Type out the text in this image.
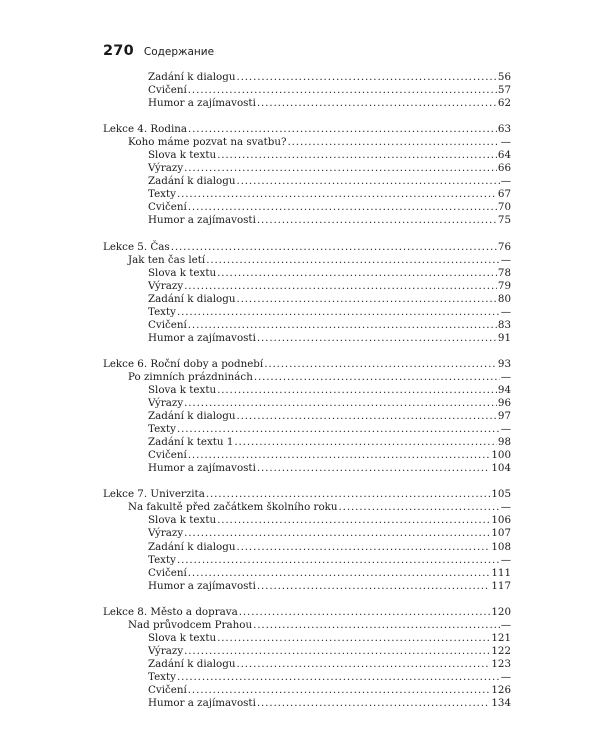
270 Содержание
Zadání k dialogu . . .	56
Cvičení . . .	57
Humor a zajímavosti . . .	62
Lekce 4. Rodina . . .	63
Koho máme pozvat na svatbu? . . .	—
Slova k textu . . .	64
Výrazy . . .	66
Zadání k dialogu . . .	—
Texty . . .	67
Cvičení . . .	70
Humor a zajímavosti . . .	75
Lekce 5. Čas . . .	76
Jak ten čas letí . . .	—
Slova k textu . . .	78
Výrazy . . .	79
Zadání k dialogu . . .	80
Texty . . .	—
Cvičení . . .	83
Humor a zajímavosti . . .	91
Lekce 6. Roční doby a podnebí . . .	93
Po zimních prázdninách . . .	—
Slova k textu . . .	94
Výrazy . . .	96
Zadání k dialogu . . .	97
Texty . . .	—
Zadání k textu 1 . . .	98
Cvičení . . .	100
Humor a zajímavosti . . .	104
Lekce 7. Univerzita . . .	105
Na fakultě před začátkem školního roku . . .	—
Slova k textu . . .	106
Výrazy . . .	107
Zadání k dialogu . . .	108
Texty . . .	—
Cvičení . . .	111
Humor a zajímavosti . . .	117
Lekce 8. Město a doprava . . .	120
Nad průvodcem Prahou . . .	—
Slova k textu . . .	121
Výrazy . . .	122
Zadání k dialogu . . .	123
Texty . . .	—
Cvičení . . .	126
Humor a zajímavosti . . .	134
